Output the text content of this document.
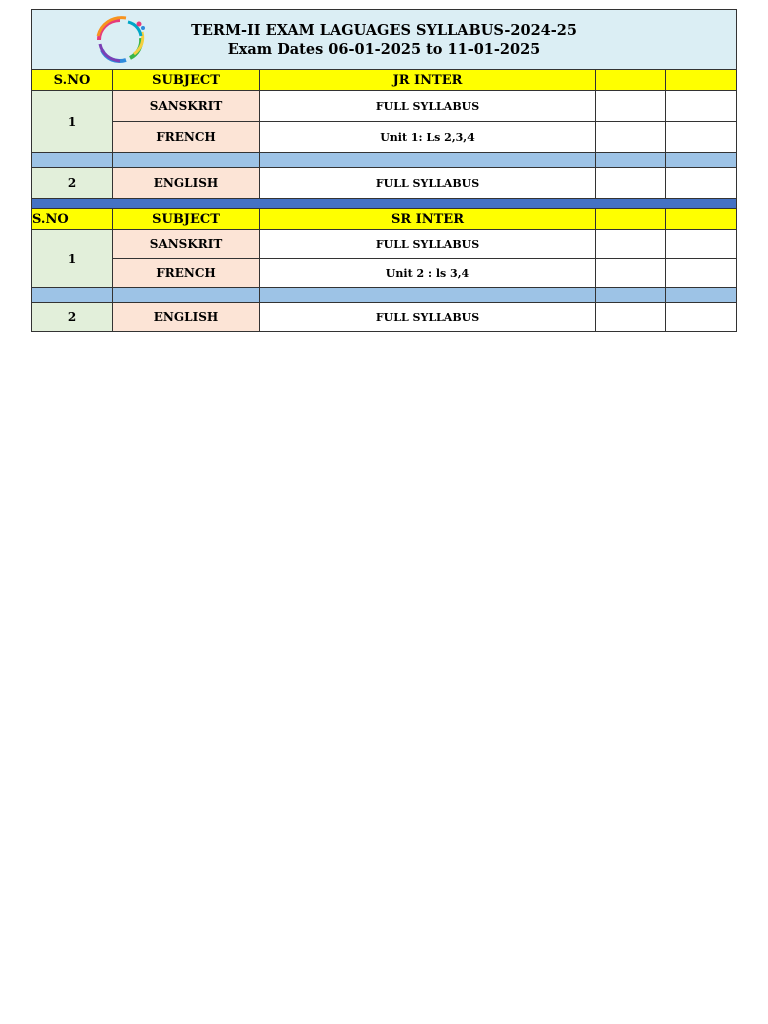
TERM-II EXAM LAGUAGES SYLLABUS-2024-25
Exam Dates 06-01-2025 to 11-01-2025				

S.NO	SUBJECT	JR INTER		
1	SANSKRIT	FULL SYLLABUS		
	FRENCH	Unit 1: Ls 2,3,4		

2	ENGLISH	FULL SYLLABUS		

S.NO	SUBJECT	SR INTER		
1	SANSKRIT	FULL SYLLABUS		
	FRENCH	Unit 2 : ls 3,4		

2	ENGLISH	FULL SYLLABUS		
